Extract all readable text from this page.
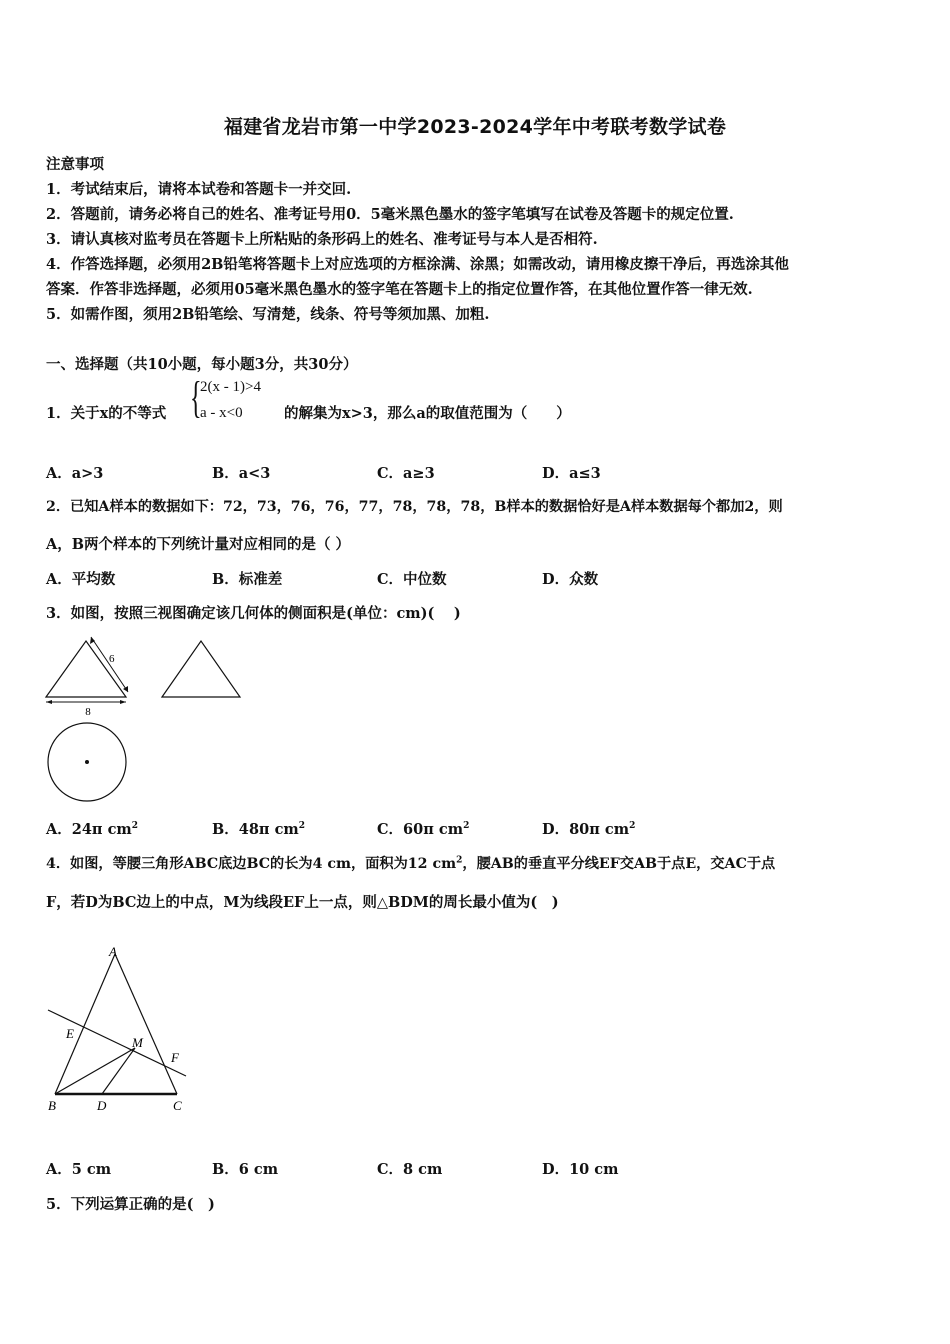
福建省龙岩市第一中学2023-2024学年中考联考数学试卷
注意事项
1．考试结束后，请将本试卷和答题卡一并交回.
2．答题前，请务必将自己的姓名、准考证号用0．5毫米黑色墨水的签字笔填写在试卷及答题卡的规定位置.
3．请认真核对监考员在答题卡上所粘贴的条形码上的姓名、准考证号与本人是否相符.
4．作答选择题，必须用2B铅笔将答题卡上对应选项的方框涂满、涂黑；如需改动，请用橡皮擦干净后，再选涂其他
答案．作答非选择题，必须用05毫米黑色墨水的签字笔在答题卡上的指定位置作答，在其他位置作答一律无效.
5．如需作图，须用2B铅笔绘、写清楚，线条、符号等须加黑、加粗.
一、选择题（共10小题，每小题3分，共30分）
1．关于x的不等式 {
2(x - 1)>4
a - x<0	的解集为x>3，那么a的取值范围为（　　）
A．a>3	B．a<3	C．a≥3	D．a≤3
2．已知A样本的数据如下：72，73，76，76，77，78，78，78，B样本的数据恰好是A样本数据每个都加2，则
A，B两个样本的下列统计量对应相同的是（ ）
A．平均数	B．标准差	C．中位数	D．众数
3．如图，按照三视图确定该几何体的侧面积是(单位：cm)(　 )
6
8
A．24π $cm^2$	B．48π $cm^2$	C．60π $cm^2$	D．80π $cm^2$
4．如图，等腰三角形ABC底边BC的长为4 cm，面积为12 $cm^2$，腰AB的垂直平分线EF交AB于点E，交AC于点
F，若D为BC边上的中点，M为线段EF上一点，则△BDM的周长最小值为(　)
A
E
M
F
B	D	C
A．5 cm	B．6 cm	C．8 cm	D．10 cm
5．下列运算正确的是(　)
